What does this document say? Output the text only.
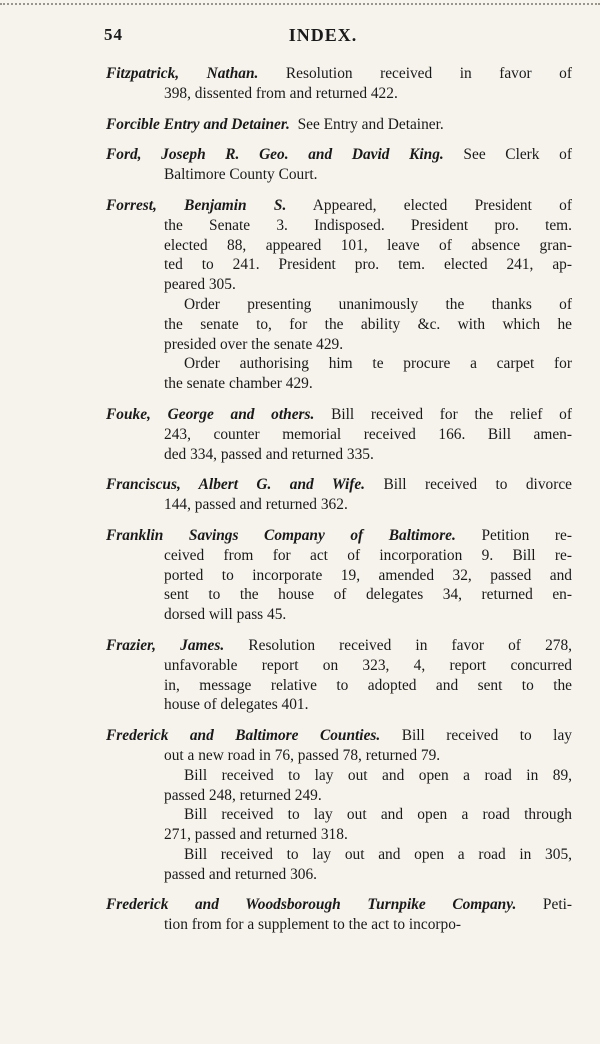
54	INDEX.
Fitzpatrick, Nathan. Resolution received in favor of
398, dissented from and returned 422.
Forcible Entry and Detainer. See Entry and Detainer.
Ford, Joseph R. Geo. and David King. See Clerk of
Baltimore County Court.
Forrest, Benjamin S. Appeared, elected President of
the Senate 3. Indisposed. President pro. tem.
elected 88, appeared 101, leave of absence gran-
ted to 241. President pro. tem. elected 241, ap-
peared 305.
Order presenting unanimously the thanks of
the senate to, for the ability &c. with which he
presided over the senate 429.
Order authorising him te procure a carpet for
the senate chamber 429.
Fouke, George and others. Bill received for the relief of
243, counter memorial received 166. Bill amen-
ded 334, passed and returned 335.
Franciscus, Albert G. and Wife. Bill received to divorce
144, passed and returned 362.
Franklin Savings Company of Baltimore. Petition re-
ceived from for act of incorporation 9. Bill re-
ported to incorporate 19, amended 32, passed and
sent to the house of delegates 34, returned en-
dorsed will pass 45.
Frazier, James. Resolution received in favor of 278,
unfavorable report on 323, 4, report concurred
in, message relative to adopted and sent to the
house of delegates 401.
Frederick and Baltimore Counties. Bill received to lay
out a new road in 76, passed 78, returned 79.
Bill received to lay out and open a road in 89,
passed 248, returned 249.
Bill received to lay out and open a road through
271, passed and returned 318.
Bill received to lay out and open a road in 305,
passed and returned 306.
Frederick and Woodsborough Turnpike Company. Peti-
tion from for a supplement to the act to incorpo-
